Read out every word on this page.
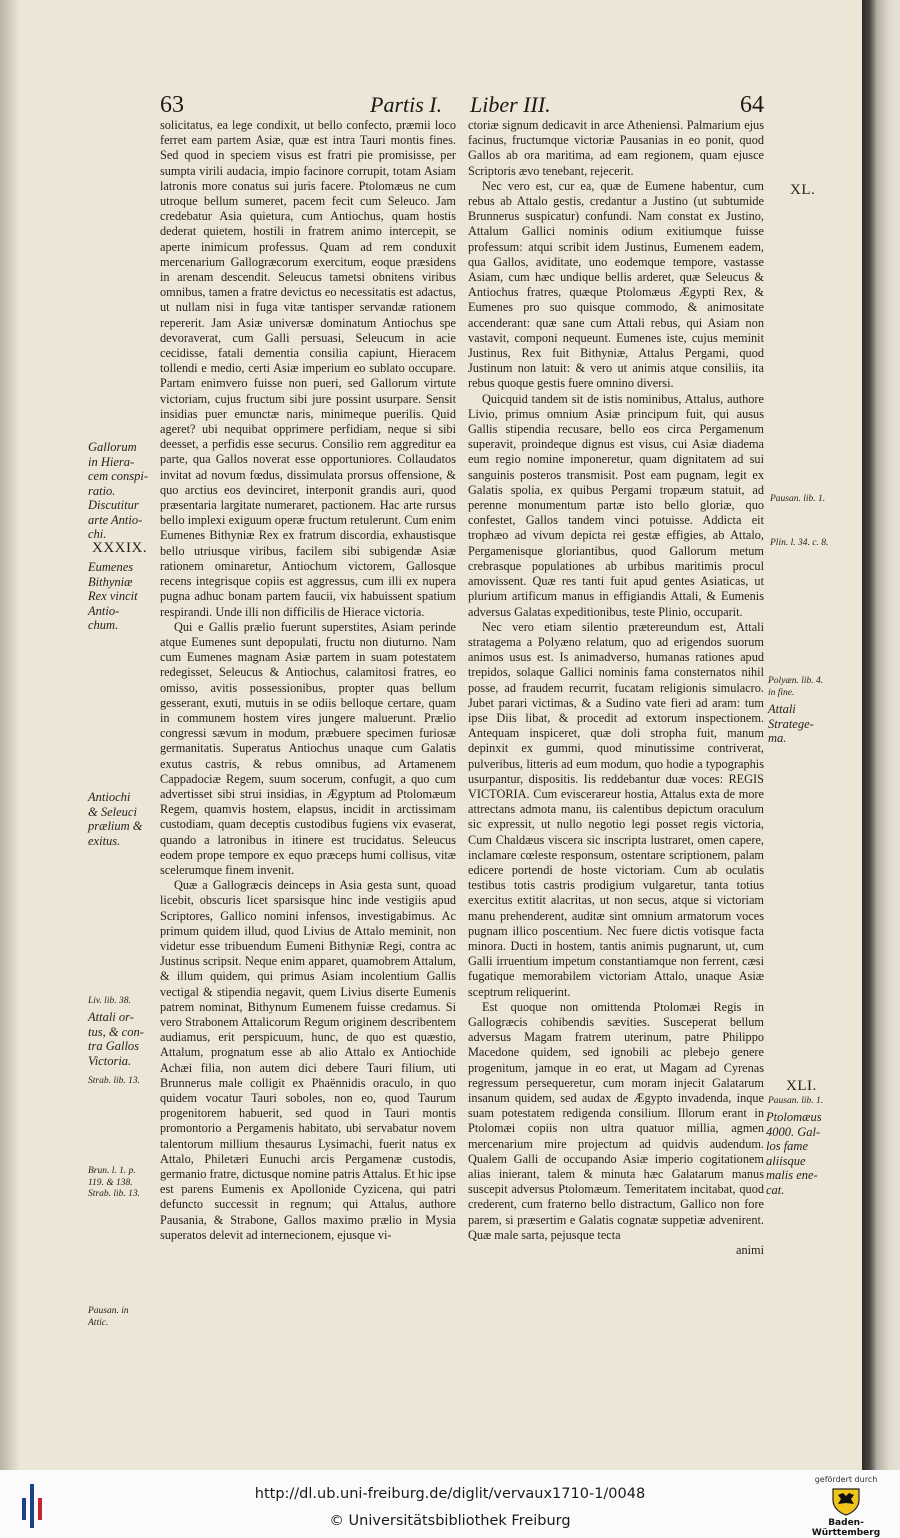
63	Partis I. Liber III.	64

solicitatus, ea lege condixit, ut bello confecto, præmii loco ferret eam partem Asiæ, quæ est intra Tauri montis fines. Sed quod in speciem visus est fratri pie promisisse, per sumpta virili audacia, impio facinore corrupit, totam Asiam latronis more conatus sui juris facere. Ptolomæus ne cum utroque bellum sumeret, pacem fecit cum Seleuco. Jam credebatur Asia quietura, cum Antiochus, quam hostis dederat quietem, hostili in fratrem animo intercepit, se aperte inimicum professus. Quam ad rem conduxit mercenarium Gallogræcorum exercitum, eoque præsidens in arenam descendit. Seleucus tametsi obnitens viribus omnibus, tamen a fratre devictus eo necessitatis est adactus, ut nullam nisi in fuga vitæ tantisper servandæ rationem repererit. Jam Asiæ universæ dominatum Antiochus spe devoraverat, cum Galli persuasi, Seleucum in acie cecidisse, fatali dementia consilia capiunt, Hieracem tollendi e medio, certi Asiæ imperium eo sublato occupare. Partam enimvero fuisse non pueri, sed Gallorum virtute victoriam, cujus fructum sibi jure possint usurpare. Sensit insidias puer emunctæ naris, minimeque puerilis. Quid ageret? ubi nequibat opprimere perfidiam, neque si sibi deesset, a perfidis esse securus. Consilio rem aggreditur ea parte, qua Gallos noverat esse opportuniores. Collaudatos invitat ad novum fœdus, dissimulata prorsus offensione, & quo arctius eos devinciret, interponit grandis auri, quod præsentaria largitate numeraret, pactionem. Hac arte rursus bello implexi exiguum operæ fructum retulerunt. Cum enim Eumenes Bithyniæ Rex ex fratrum discordia, exhaustisque bello utriusque viribus, facilem sibi subigendæ Asiæ rationem ominaretur, Antiochum victorem, Gallosque recens integrisque copiis est aggressus, cum illi ex nupera pugna adhuc bonam partem faucii, vix habuissent spatium respirandi. Unde illi non difficilis de Hierace victoria.

Qui e Gallis prælio fuerunt superstites, Asiam perinde atque Eumenes sunt depopulati, fructu non diuturno. Nam cum Eumenes magnam Asiæ partem in suam potestatem redegisset, Seleucus & Antiochus, calamitosi fratres, eo omisso, avitis possessionibus, propter quas bellum gesserant, exuti, mutuis in se odiis belloque certare, quam in communem hostem vires jungere maluerunt. Prælio congressi sævum in modum, præbuere specimen furiosæ germanitatis. Superatus Antiochus unaque cum Galatis exutus castris, & rebus omnibus, ad Artamenem Cappadociæ Regem, suum socerum, confugit, a quo cum advertisset sibi strui insidias, in Ægyptum ad Ptolomæum Regem, quamvis hostem, elapsus, incidit in arctissimam custodiam, quam deceptis custodibus fugiens vix evaserat, quando a latronibus in itinere est trucidatus. Seleucus eodem prope tempore ex equo præceps humi collisus, vitæ scelerumque finem invenit.

Quæ a Gallogræcis deinceps in Asia gesta sunt, quoad licebit, obscuris licet sparsisque hinc inde vestigiis apud Scriptores, Gallico nomini infensos, investigabimus. Ac primum quidem illud, quod Livius de Attalo meminit, non videtur esse tribuendum Eumeni Bithyniæ Regi, contra ac Justinus scripsit. Neque enim apparet, quamobrem Attalum, & illum quidem, qui primus Asiam incolentium Gallis vectigal & stipendia negavit, quem Livius diserte Eumenis patrem nominat, Bithynum Eumenem fuisse credamus. Si vero Strabonem Attalicorum Regum originem describentem audiamus, erit perspicuum, hunc, de quo est quæstio, Attalum, prognatum esse ab alio Attalo ex Antiochide Achæi filia, non autem dici debere Tauri filium, uti Brunnerus male colligit ex Phaënnidis oraculo, in quo quidem vocatur Tauri soboles, non eo, quod Taurum progenitorem habuerit, sed quod in Tauri montis promontorio a Pergamenis habitato, ubi servabatur novem talentorum millium thesaurus Lysimachi, fuerit natus ex Attalo, Philetæri Eunuchi arcis Pergamenæ custodis, germanio fratre, dictusque nomine patris Attalus. Et hic ipse est parens Eumenis ex Apollonide Cyzicena, qui patri defuncto successit in regnum; qui Attalus, authore Pausania, & Strabone, Gallos maximo prælio in Mysia superatos delevit ad internecionem, ejusque vi-

Gallorum
in Hiera-
cem conspi-
ratio.
Discutitur
arte Antio-
chi.
XXXIX.
Eumenes
Bithyniæ
Rex vincit
Antio-
chum.
Antiochi
& Seleuci
prælium &
exitus.
Liv. lib. 38.
Attali or-
tus, & con-
tra Gallos
Victoria.
Strab. lib. 13.
Brun. l. 1. p.
119. & 138.
Strab. lib. 13.
Pausan. in
Attic.

ctoriæ signum dedicavit in arce Atheniensi. Palmarium ejus facinus, fructumque victoriæ Pausanias in eo ponit, quod Gallos ab ora maritima, ad eam regionem, quam ejusce Scriptoris ævo tenebant, rejecerit.

Nec vero est, cur ea, quæ de Eumene habentur, cum rebus ab Attalo gestis, credantur a Justino (ut subtumide Brunnerus suspicatur) confundi. Nam constat ex Justino, Attalum Gallici nominis odium exitiumque fuisse professum: atqui scribit idem Justinus, Eumenem eadem, qua Gallos, aviditate, uno eodemque tempore, vastasse Asiam, cum hæc undique bellis arderet, quæ Seleucus & Antiochus fratres, quæque Ptolomæus Ægypti Rex, & Eumenes pro suo quisque commodo, & animositate accenderant: quæ sane cum Attali rebus, qui Asiam non vastavit, componi nequeunt. Eumenes iste, cujus meminit Justinus, Rex fuit Bithyniæ, Attalus Pergami, quod Justinum non latuit: & vero ut animis atque consiliis, ita rebus quoque gestis fuere omnino diversi.

Quicquid tandem sit de istis nominibus, Attalus, authore Livio, primus omnium Asiæ principum fuit, qui ausus Gallis stipendia recusare, bello eos circa Pergamenum superavit, proindeque dignus est visus, cui Asiæ diadema eum regio nomine imponeretur, quam dignitatem ad sui sanguinis posteros transmisit. Post eam pugnam, legit ex Galatis spolia, ex quibus Pergami tropæum statuit, ad perenne monumentum partæ isto bello gloriæ, quo confestet, Gallos tandem vinci potuisse. Addicta eit trophæo ad vivum depicta rei gestæ effigies, ab Attalo, Pergamenisque gloriantibus, quod Gallorum metum crebrasque populationes ab urbibus maritimis procul amovissent. Quæ res tanti fuit apud gentes Asiaticas, ut plurium artificum manus in effigiandis Attali, & Eumenis adversus Galatas expeditionibus, teste Plinio, occuparit.

Nec vero etiam silentio prætereundum est, Attali stratagema a Polyæno relatum, quo ad erigendos suorum animos usus est. Is animadverso, humanas rationes apud trepidos, solaque Gallici nominis fama consternatos nihil posse, ad fraudem recurrit, fucatam religionis simulacro. Jubet parari victimas, & a Sudino vate fieri ad aram: tum ipse Diis libat, & procedit ad extorum inspectionem. Antequam inspiceret, quæ doli stropha fuit, manum depinxit ex gummi, quod minutissime contriverat, pulveribus, litteris ad eum modum, quo hodie a typographis usurpantur, dispositis. Iis reddebantur duæ voces: REGIS VICTORIA. Cum eviscerareur hostia, Attalus exta de more attrectans admota manu, iis calentibus depictum oraculum sic expressit, ut nullo negotio legi posset regis victoria, Cum Chaldæus viscera sic inscripta lustraret, omen capere, inclamare cœleste responsum, ostentare scriptionem, palam edicere portendi de hoste victoriam. Cum ab oculatis testibus totis castris prodigium vulgaretur, tanta totius exercitus extitit alacritas, ut non secus, atque si victoriam manu prehenderent, auditæ sint omnium armatorum voces pugnam illico poscentium. Nec fuere dictis votisque facta minora. Ducti in hostem, tantis animis pugnarunt, ut, cum Galli irruentium impetum constantiamque non ferrent, cæsi fugatique memorabilem victoriam Attalo, unaque Asiæ sceptrum reliquerint.

Est quoque non omittenda Ptolomæi Regis in Gallogræcis cohibendis sævities. Susceperat bellum adversus Magam fratrem uterinum, patre Philippo Macedone quidem, sed ignobili ac plebejo genere progenitum, jamque in eo erat, ut Magam ad Cyrenas regressum persequeretur, cum moram injecit Galatarum insanum quidem, sed audax de Ægypto invadenda, inque suam potestatem redigenda consilium. Illorum erant in Ptolomæi copiis non ultra quatuor millia, agmen mercenarium mire projectum ad quidvis audendum. Qualem Galli de occupando Asiæ imperio cogitationem alias inierant, talem & minuta hæc Galatarum manus suscepit adversus Ptolomæum. Temeritatem incitabat, quod crederent, cum fraterno bello distractum, Gallico non fore parem, si præsertim e Galatis cognatæ suppetiæ advenirent. Quæ male sarta, pejusque tecta

animi
XL.
Pausan. lib. 1.
Plin. l. 34. c. 8.
Polyæn. lib. 4.
in fine.
Attali
Stratege-
ma.
XLI.
Pausan. lib. 1.
Ptolomæus
4000. Gal-
los fame
aliisque
malis ene-
cat.
http://dl.ub.uni-freiburg.de/diglit/vervaux1710-1/0048
© Universitätsbibliothek Freiburg
gefördert durch
Baden-Württemberg
